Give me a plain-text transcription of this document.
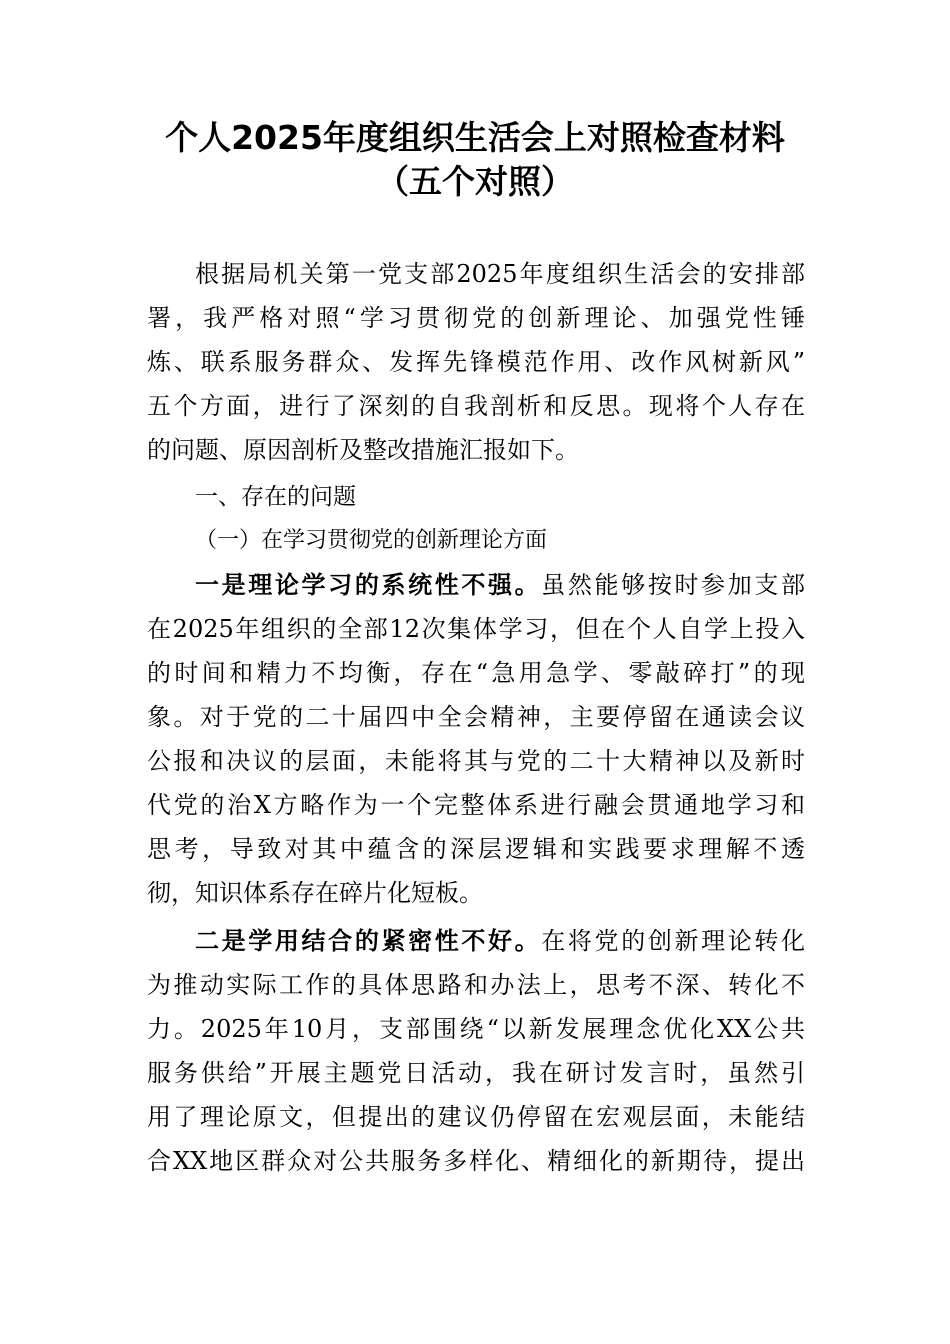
个人2025年度组织生活会上对照检查材料
（五个对照）
根据局机关第一党支部2025年度组织生活会的安排部
署，我严格对照“学习贯彻党的创新理论、加强党性锤
炼、联系服务群众、发挥先锋模范作用、改作风树新风”
五个方面，进行了深刻的自我剖析和反思。现将个人存在
的问题、原因剖析及整改措施汇报如下。
一、存在的问题
（一）在学习贯彻党的创新理论方面
一是理论学习的系统性不强。虽然能够按时参加支部
在2025年组织的全部12次集体学习，但在个人自学上投入
的时间和精力不均衡，存在“急用急学、零敲碎打”的现
象。对于党的二十届四中全会精神，主要停留在通读会议
公报和决议的层面，未能将其与党的二十大精神以及新时
代党的治X方略作为一个完整体系进行融会贯通地学习和
思考，导致对其中蕴含的深层逻辑和实践要求理解不透
彻，知识体系存在碎片化短板。
二是学用结合的紧密性不好。在将党的创新理论转化
为推动实际工作的具体思路和办法上，思考不深、转化不
力。2025年10月，支部围绕“以新发展理念优化XX公共
服务供给”开展主题党日活动，我在研讨发言时，虽然引
用了理论原文，但提出的建议仍停留在宏观层面，未能结
合XX地区群众对公共服务多样化、精细化的新期待，提出
